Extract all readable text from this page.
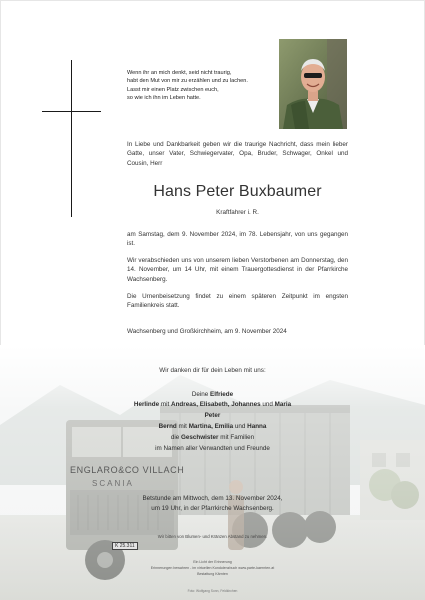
Wenn ihr an mich denkt, seid nicht traurig,
habt den Mut von mir zu erzählen und zu lachen.
Lasst mir einen Platz zwischen euch,
so wie ich ihn im Leben hatte.
In Liebe und Dankbarkeit geben wir die traurige Nachricht, dass mein lieber Gatte, unser Vater, Schwiegervater, Opa, Bruder, Schwager, Onkel und Cousin, Herr
Hans Peter Buxbaumer
Kraftfahrer i. R.
am Samstag, dem 9. November 2024, im 78. Lebensjahr, von uns gegangen ist.
Wir verabschieden uns von unserem lieben Verstorbenen am Donnerstag, den 14. November, um 14 Uhr, mit einem Trauergottesdienst in der Pfarrkirche Wachsenberg.
Die Urnenbeisetzung findet zu einem späteren Zeitpunkt im engsten Familienkreis statt.
Wachsenberg und Großkirchheim, am 9. November 2024
ENGLARO&CO VILLACH
SCANIA
K 25.311
Wir danken dir für dein Leben mit uns:
Deine Elfriede
Herlinde mit Andreas, Elisabeth, Johannes und Maria
Peter
Bernd mit Martina, Emilia und Hanna
die Geschwister mit Familien
im Namen aller Verwandten und Freunde
Betstunde am Mittwoch, dem 13. November 2024,
um 19 Uhr, in der Pfarrkirche Wachsenberg.
Wir bitten von Blumen- und Kränzen Abstand zu nehmen.
Ein Licht der Erinnerung
Erinnerungen bewahren - im virtuellen Kondolenzbuch www.parte-kaernten.at
Bestattung Kärnten
Foto: Wolfgang Sonn, Feldkirchen
